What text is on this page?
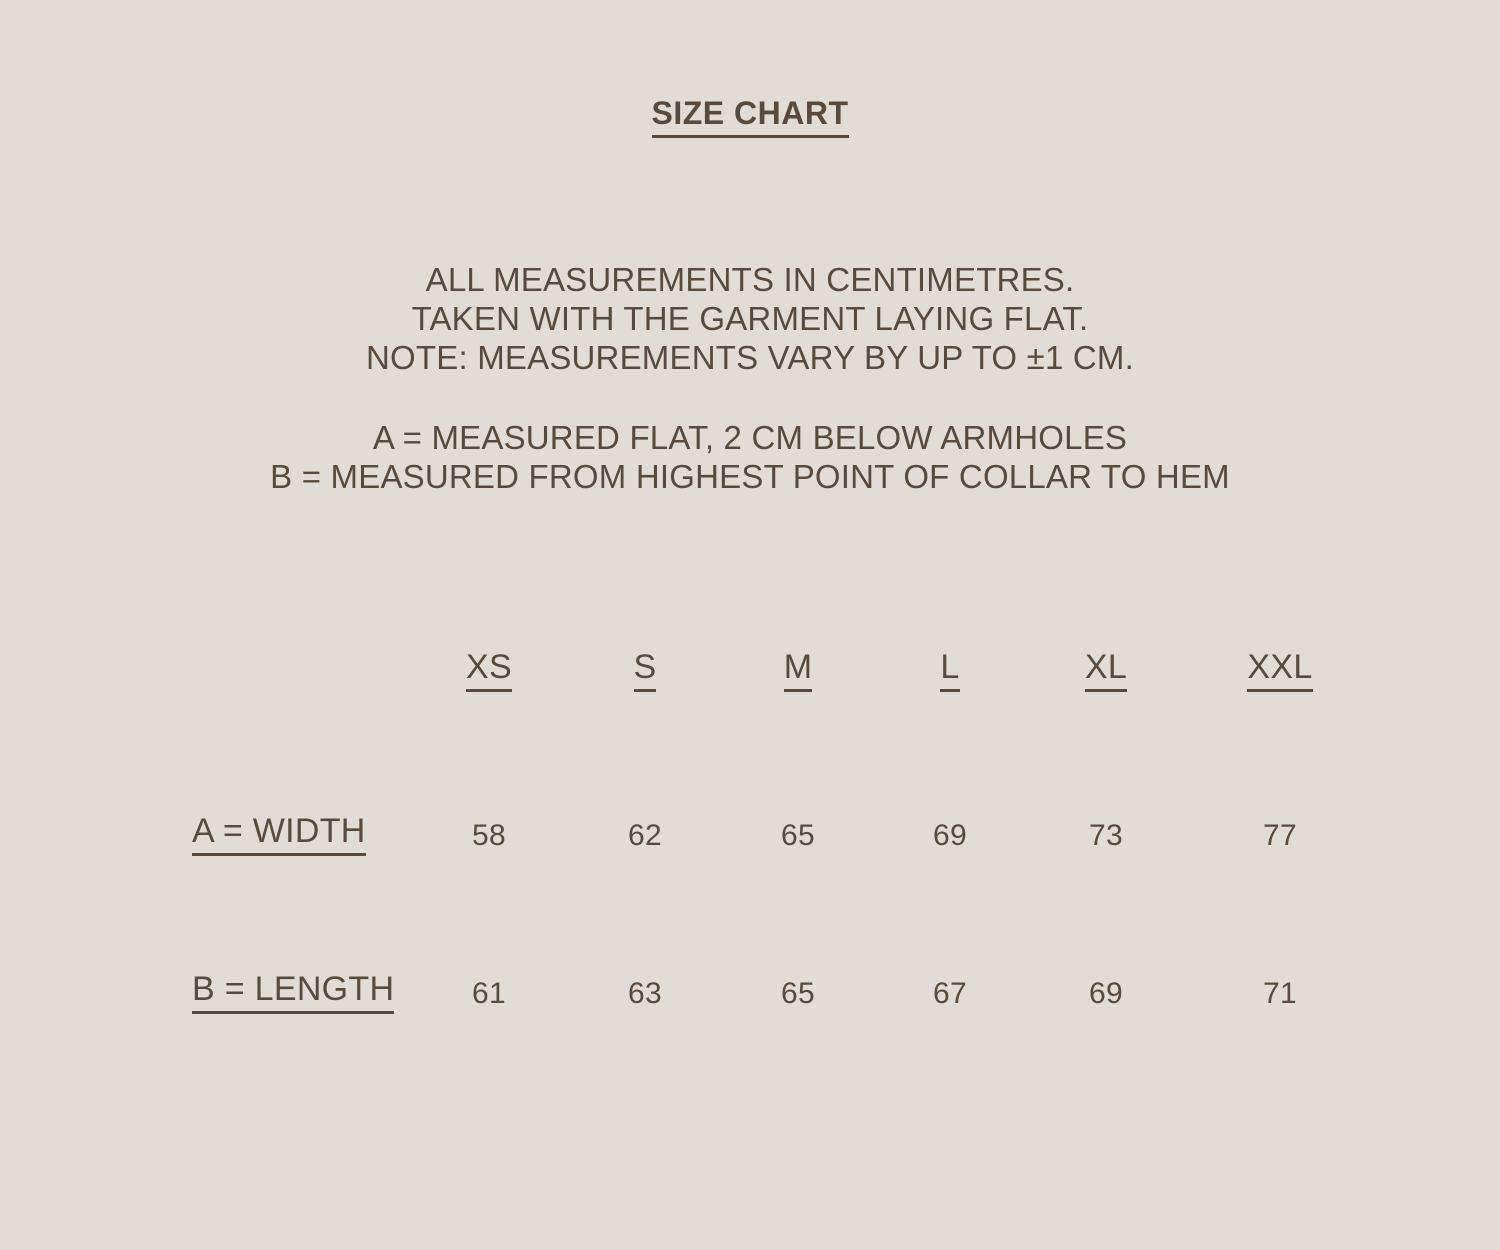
SIZE CHART
ALL MEASUREMENTS IN CENTIMETRES.
TAKEN WITH THE GARMENT LAYING FLAT.
NOTE: MEASUREMENTS VARY BY UP TO ±1 CM.
A = MEASURED FLAT, 2 CM BELOW ARMHOLES
B = MEASURED FROM HIGHEST POINT OF COLLAR TO HEM
XS	S	M	L	XL	XXL
A = WIDTH	58	62	65	69	73	77
B = LENGTH	61	63	65	67	69	71
